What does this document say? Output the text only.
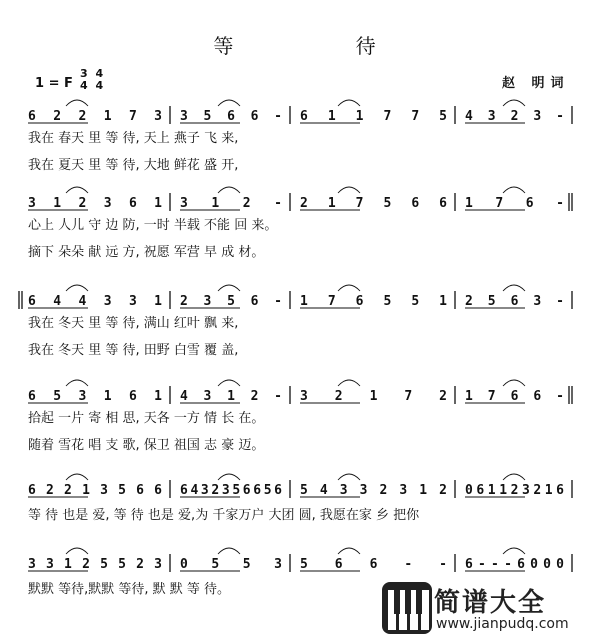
等 待
1 = F
3
4

4
4	赵 明词
6 2 2 1 7 3 3 5 6 6 - 6 1 1 7 7 5 4 3 2 3 -
我在 春天 里 等 待, 天上 燕子 飞 来,
我在 夏天 里 等 待, 大地 鲜花 盛 开,
3 1 2 3 6 1 3 1 2 - 2 1 7 5 6 6 1 7 6 -
心上 人儿 守 边 防, 一时 半载 不能 回 来。
摘下 朵朵 献 远 方, 祝愿 军营 早 成 材。
6 4 4 3 3 1 2 3 5 6 - 1 7 6 5 5 1 2 5 6 3 -
我在 冬天 里 等 待, 满山 红叶 飘 来,
我在 冬天 里 等 待, 田野 白雪 覆 盖,
6 5 3 1 6 1 4 3 1 2 - 3 2 1 7 2 1 7 6 6 -
拾起 一片 寄 相 思, 天各 一方 情 长 在。
随着 雪花 唱 支 歌, 保卫 祖国 志 豪 迈。
6 2 2 1 3 5 6 6 6 4 3 2 3 5 6 6 5 6 5 4 3 3 2 3 1 2 0 6 1 1 2 3 2 1 6
等 待 也是 爱, 等 待 也是 爱,为 千家万户 大团 圆, 我愿在家 乡 把你
3 3 1 2 5 5 2 3 0 5 5 3 5 6 6 - - 6 - - - 6 0 0 0
默默 等待,默默 等待, 默 默 等 待。	简谱大全
www.jianpudq.com
